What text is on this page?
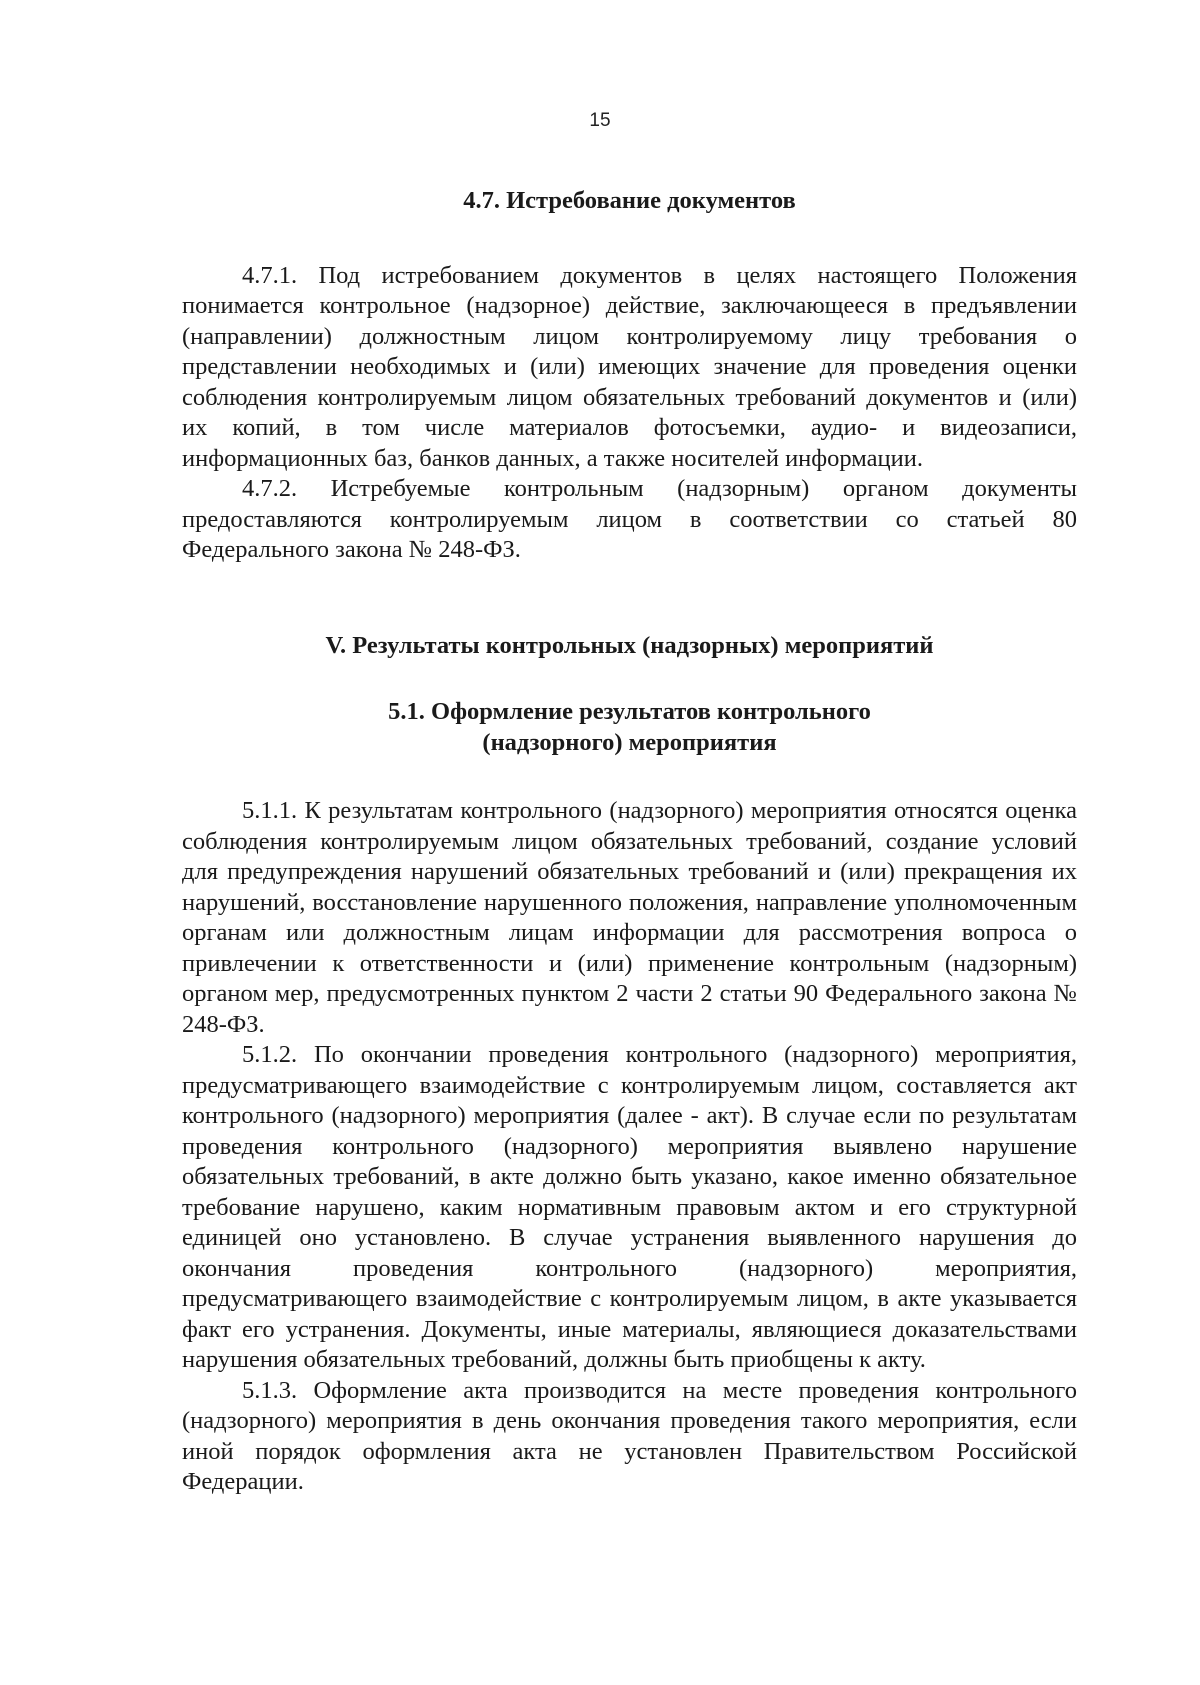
15
4.7. Истребование документов

4.7.1. Под истребованием документов в целях настоящего Положения понимается контрольное (надзорное) действие, заключающееся в предъявлении (направлении) должностным лицом контролируемому лицу требования о представлении необходимых и (или) имеющих значение для проведения оценки соблюдения контролируемым лицом обязательных требований документов и (или) их копий, в том числе материалов фотосъемки, аудио- и видеозаписи, информационных баз, банков данных, а также носителей информации.

4.7.2. Истребуемые контрольным (надзорным) органом документы предоставляются контролируемым лицом в соответствии со статьей 80 Федерального закона № 248-ФЗ.

V. Результаты контрольных (надзорных) мероприятий
5.1. Оформление результатов контрольного
(надзорного) мероприятия

5.1.1. К результатам контрольного (надзорного) мероприятия относятся оценка соблюдения контролируемым лицом обязательных требований, создание условий для предупреждения нарушений обязательных требований и (или) прекращения их нарушений, восстановление нарушенного положения, направление уполномоченным органам или должностным лицам информации для рассмотрения вопроса о привлечении к ответственности и (или) применение контрольным (надзорным) органом мер, предусмотренных пунктом 2 части 2 статьи 90 Федерального закона № 248-ФЗ.

5.1.2. По окончании проведения контрольного (надзорного) мероприятия, предусматривающего взаимодействие с контролируемым лицом, составляется акт контрольного (надзорного) мероприятия (далее - акт). В случае если по результатам проведения контрольного (надзорного) мероприятия выявлено нарушение обязательных требований, в акте должно быть указано, какое именно обязательное требование нарушено, каким нормативным правовым актом и его структурной единицей оно установлено. В случае устранения выявленного нарушения до окончания проведения контрольного (надзорного) мероприятия, предусматривающего взаимодействие с контролируемым лицом, в акте указывается факт его устранения. Документы, иные материалы, являющиеся доказательствами нарушения обязательных требований, должны быть приобщены к акту.

5.1.3. Оформление акта производится на месте проведения контрольного (надзорного) мероприятия в день окончания проведения такого мероприятия, если иной порядок оформления акта не установлен Правительством Российской Федерации.
